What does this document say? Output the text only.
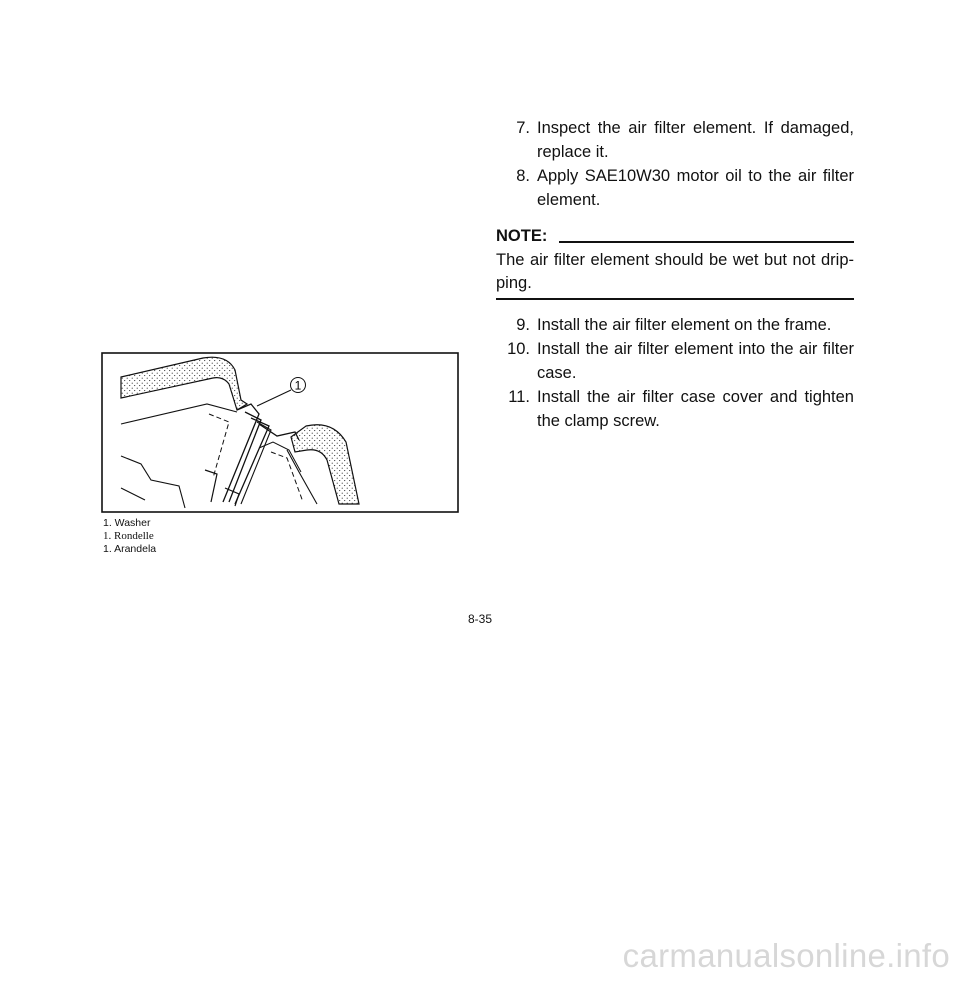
1
1. Washer
1. Rondelle
1. Arandela
7. Inspect the air filter element. If damaged, replace it.
8. Apply SAE10W30 motor oil to the air filter element.
NOTE:
The air filter element should be wet but not drip-ping.
9. Install the air filter element on the frame.
10. Install the air filter element into the air filter case.
11. Install the air filter case cover and tighten the clamp screw.
8-35
carmanualsonline.info
